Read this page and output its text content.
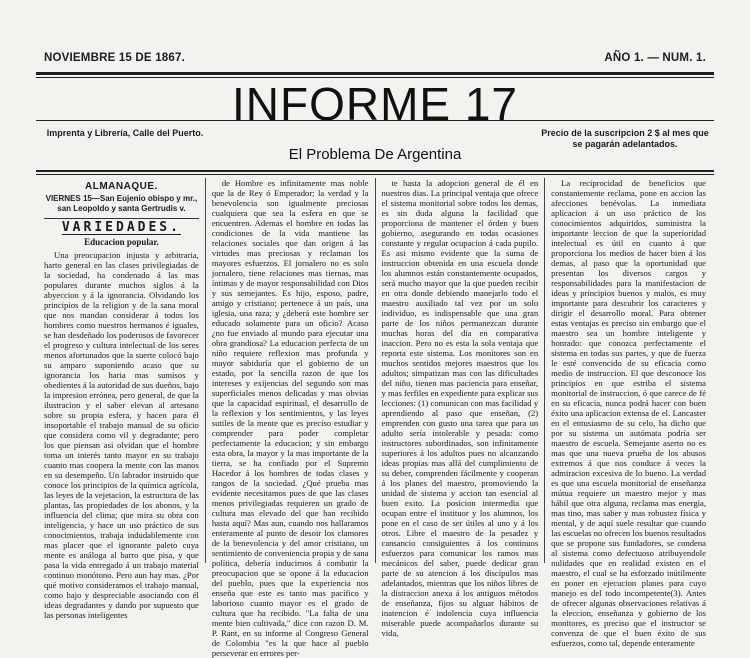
NOVIEMBRE 15 DE 1867.	AÑO 1. — NUM. 1.
INFORME 17
Imprenta y Librería, Calle del Puerto.
El Problema De Argentina
Precio de la suscripcion 2 $ al mes que se pagarán adelantados.
ALMANAQUE.
VIERNES 15—San Eujenio obispo y mr., san Leopoldo y santa Gertrudis v.
VARIEDADES.
Educacion popular.

Una preocupacion injusta y arbitraria, harto general en las clases privilegiadas de la sociedad, ha condenado á las mas populares durante muchos siglos á la abyeccion y á la ignorancia. Olvidando los principios de la religion y de la sana moral que nos mandan considerar á todos los hombres como nuestros hermanos é iguales, se han desdeñado los poderosos de favorecer el progreso y cultura intelectual de los seres menos afortunados que la suerte colocó bajo su amparo suponiendo acaso que su ignorancia los haria mas sumisos y obedientes á la autoridad de sus dueños, bajo la impresion errónea, pero general, de que la ilustracion y el saber elevan al artesano sobre su propia esfera, y hacen para él insoportable el trabajo manual de su oficio que considera como vil y degradante; pero los que piensan asi olvidan que el hombre toma un interés tanto mayor en su trabajo cuanto mas coopera la mente con las manos en su desempeño. Un labrador instruido que conoce los principios de la química agrícola, las leyes de la vejetacion, la estructura de las plantas, las propiedades de los abonos, y la influencia del clima; que mira su obra con inteligencia, y hace un uso práctico de sus conocimientos, trabaja indudablemente con mas placer que el ignorante paleto cuya mente es análoga al barro que pisa, y que pasa la vida entregado á un trabajo material continuo monótono. Pero aun hay mas. ¿Por qué motivo consideramos el trabajo manual, como bajo y despreciable asociando con él ideas degradantes y dando por supuesto que las personas inteligentes

de Hombre es infinitamente mas noble que la de Rey ó Emperador; la verdad y la benevolencia son igualmente preciosas cualquiera que sea la esfera en que se encuentren. Ademas el hombre en todas las condiciones de la vida mantiene las relaciones sociales que dan origen á las virtudes mas preciosas y reclaman los mayores esfuerzos. El jornalero no es solo jornalero, tiene relaciones mas tiernas, mas íntimas y de mayor responsabilidad con Dios y sus semejantes. Es hijo, esposo, padre, amigo y cristiano; pertenece á un país, una iglesia, una raza; y ¿deberá este hombre ser educado solamente para un oficio? Acaso ¿no fue enviado al mundo para ejecutar una obra grandiosa? La educacion perfecta de un niño requiere reflexion mas profunda y mayor sabiduría que el gobierno de un estado, por la sencilla razon de que los intereses y exijencias del segundo son mas superficiales menos delicadas y mas obvias que la capacidad espiritual, el desarrollo de la reflexion y los sentimientos, y las leyes sutiles de la mente que es preciso estudiar y comprender para poder completar perfectamente la educacion; y sin embargo esta obra, la mayor y la mas importante de la tierra, se ha confiado por el Supremo Hacedor á los hombres de todas clases y rangos de la sociedad. ¿Qué prueba mas evidente necesitamos pues de que las clases menos privilegiadas requieren un grado de cultura mas elevado del que han recibido hasta aquí? Mas aun, cuando nos hallaramos enteramente al punto de desoir los clamores de la benevolencia y del amor cristiano, un sentimiento de conveniencia propia y de sana política, debería inducirnos á combatir la preocupacion que se opone á la educacion del pueblo, pues que la experiencia nos enseña que este es tanto mas pacífico y laborioso cuanto mayor es el grado de cultura que ha recibido. "La falta de una mente bien cultivada," dice con razon D. M. P. Rant, en su informe al Congreso General de Colombia "es la que hace al pueblo perseverar en errores per-

te hasta la adopcion general de él en nuestros dias. La principal ventaja que ofrece el sistema monitorial sobre todos los demas, es sin duda alguna la facilidad que proporciona de mantener el órden y buen gobierno, asegurando en todas ocasiones constante y regular ocupacion á cada pupilo. Es asi mismo evidente que la suma de instruccion obtenida en una escuela donde los alumnos están constantemente ocupados, será mucho mayor que la que pueden recibir en otra donde debiendo manejarlo todo el maestro auxiliado tal vez por un solo individuo, es indispensable que una gran parte de los niños permanezcan durante muchas horas del dia en comparativa inaccion. Pero no es esta la sola ventaja que reporta este sistema. Los monitores son en muchos sentidos mejores maestros que los adultos; simpatizan mas con las dificultades del niño, tienen mas paciencia para enseñar, y mas ferfiles en expediente para explicar sus lecciones: (1) comunican con mas facilidad y aprendiendo al paso que enseñan, (2) emprenden con gusto una tarea que para un adulto sería intolerable y pesada: como instructores subordinados, son infinitamente superiores á los adultos pues no alcanzando ideas propias mas allá del cumplimiento de su deber, comprenden fácilmente y cooperan á los planes del maestro, promoviendo la unidad de sistema y accion tan esencial al buen exito. La posicion intermedia que ocupan entre el instituor y los alumnos, los pone en el caso de ser útiles al uno y á los otros. Libre el maestro de la pesadez y cansancio consiguientes á los continuos esfuerzos para comunicar los ramos mas mecánicos del saber, puede dedicar gran parte de su atencion á los discípulos mas adelantados, mientras que los niños libres de la distraccion anexa á los antiguos métodos de enseñanza, fijos su alguar hábitos de inatencion é indolencia cuya influencia miserable puede acompañarlos durante su vida,

La reciprocidad de beneficios que constantemente reclama, pone en accion las afecciones benévolas. La inmediata aplicacion á un uso práctico de los conocimientos adquiridos, suministra la importante leccion de que la superioridad intelectual es útil en cuanto á que proporcionа los medios de hacer bien á los demas, al paso que la oportunidad que presentan los diversos cargos y responsabilidades para la manifestacion de ideas y principios buenos y malos, es muy importante para descubrir los caracteres y dirigir el desarrollo moral. Para obtener estas ventajas es preciso sin embargo que el maestro sea un hombre inteligente y honrado: que conozca perfectamente el sistema en todas sus partes, y que de fuerza le esté convencido de su eficacia como medio de instruccion. El que desconoce los principios en que estriba el sistema monitorial de instruccion, ó que carece de fé en su eficacia, nunca podrá hacer con buen éxito una aplicacion extensa de el. Lancaster en el entusiasmo de su celo, ha dicho que por su sistema un autómata podría ser maestro de escuela. Semejante aserto no es mas que una nueva prueba de los abusos extremos á que nos conduce á veces la admiracion excesiva de lo bueno. La verdad es que una escuela monitorial de enseñanza mútua requiere un maestro mejor y mas hábil que otra alguna, reclama mas energía, mas tino, mas saber y mas robustez física y mental, y de aquí suele resultar que cuando las escuelas no ofrecen los buenos resultados que se propone sus fundadores, se condena al sistema como defectuoso atribuyendole nulidades que en realidad existen en el maestro, el cual se ha esforzado inútilmente en poner en ejecucion planes para cuyo manejo es del todo incompetente(3). Antes de ofrecer algunas observaciones relativas á la eleccion, enseñanza y gobierno de los monitores, es preciso que el instructor se convenza de que el buen éxito de sus esfuerzos, como tal, depende enteramente
